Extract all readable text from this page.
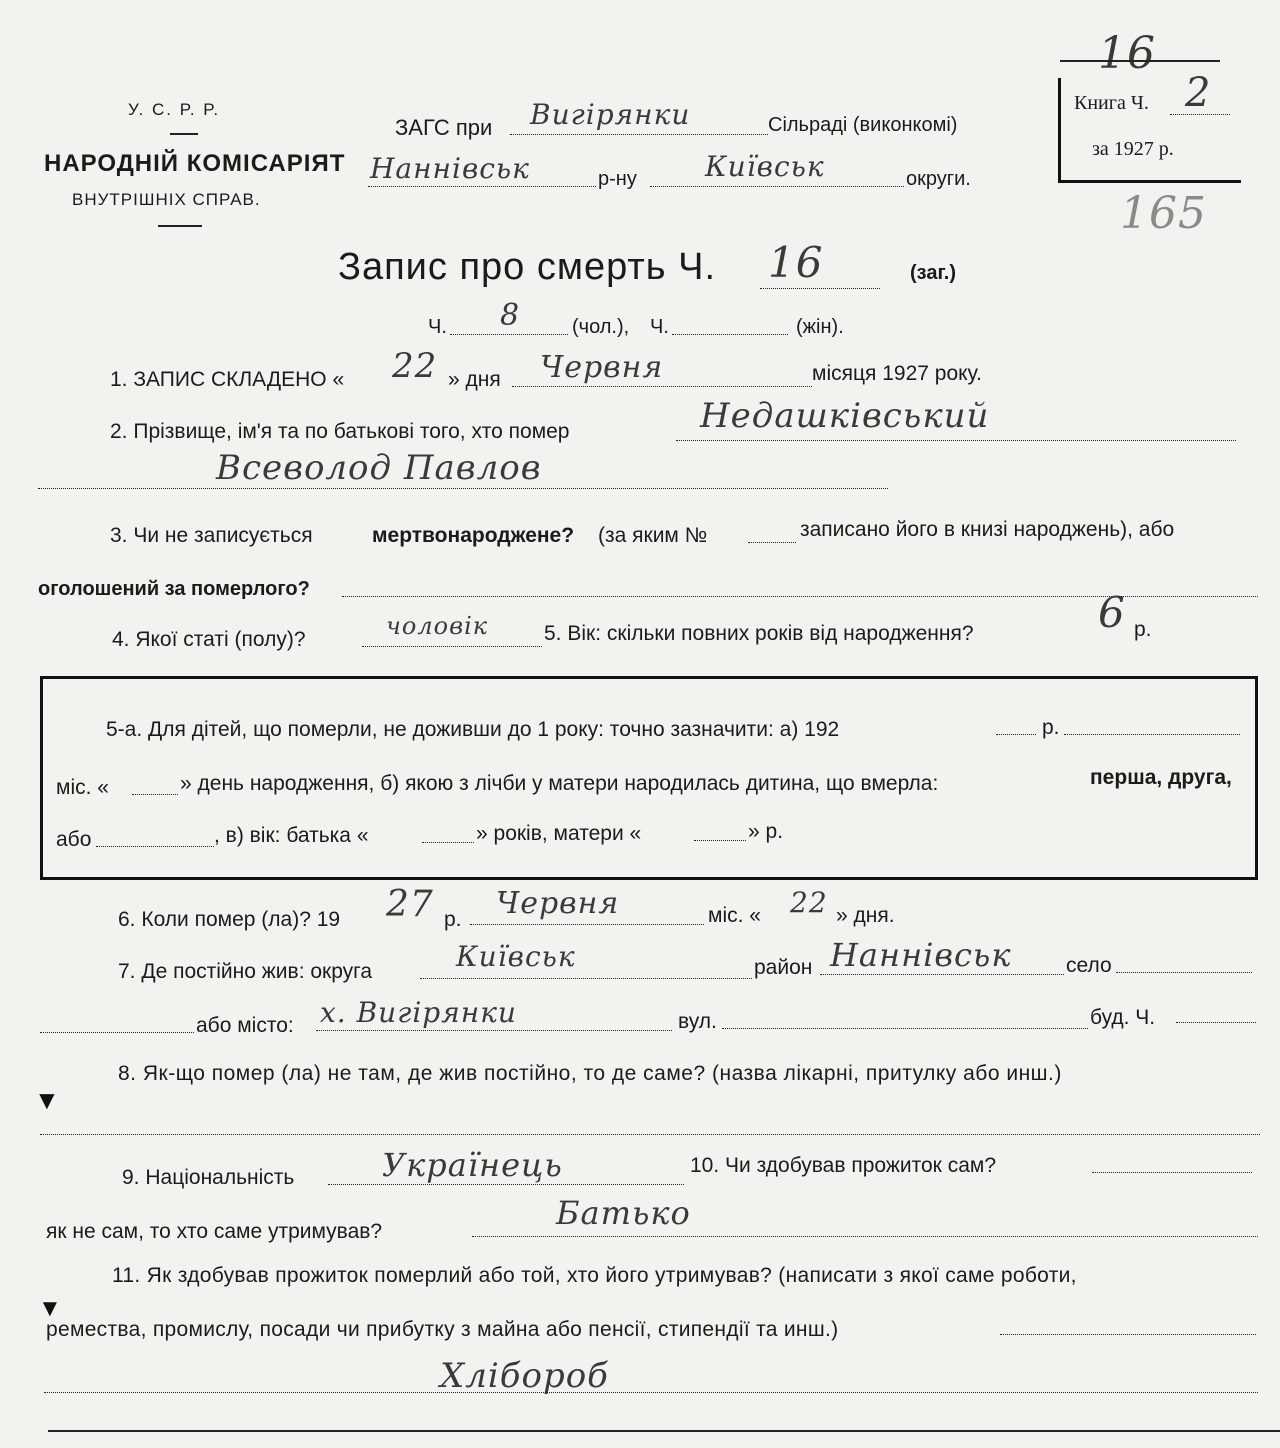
У. С. Р. Р.
НАРОДНІЙ КОМІСАРІЯТ
ВНУТРІШНІХ СПРАВ.
ЗАГС при Вигірянки	Сільраді (виконкомі)
Наннівськ	р-ну Київськ	округи.
16
Книга Ч. 2
за 1927 р.
165
Запис про смерть Ч. 16	(заг.)
Ч. 8	(чол.), Ч.	(жін).
1. ЗАПИС СКЛАДЕНО « 22 » дня Червня	місяця 1927 року.
2. Прізвище, ім'я та по батькові того, хто помер	Недашківський
Всеволод Павлов
3. Чи не записується	мертвонароджене? (за яким №	записано його в книзі народжень), або
оголошений за померлого?
4. Якої статі (полу)?	чоловік	5. Вік: скільки повних років від народження?	6 р.
5-а. Для дітей, що померли, не доживши до 1 року: точно зазначити: а) 192	р.
міс. «	» день народження, б) якою з лічби у матери народилась дитина, що вмерла:	перша, друга,
або	, в) вік: батька «	» років, матери «	» р.
6. Коли помер (ла)? 19 27 р. Червня	міс. « 22 » дня.
7. Де постійно жив: округа	Київськ	район Наннівськ	село
або місто: х. Вигірянки	вул.	буд. Ч.
8. Як-що помер (ла) не там, де жив постійно, то де саме? (назва лікарні, притулку або инш.)
▼
9. Національність	Українець	10. Чи здобував прожиток сам?
як не сам, то хто саме утримував?	Батько
11. Як здобував прожиток померлий або той, хто його утримував? (написати з якої саме роботи,
▼
ремества, промислу, посади чи прибутку з майна або пенсії, стипендії та инш.)
Хлібороб
